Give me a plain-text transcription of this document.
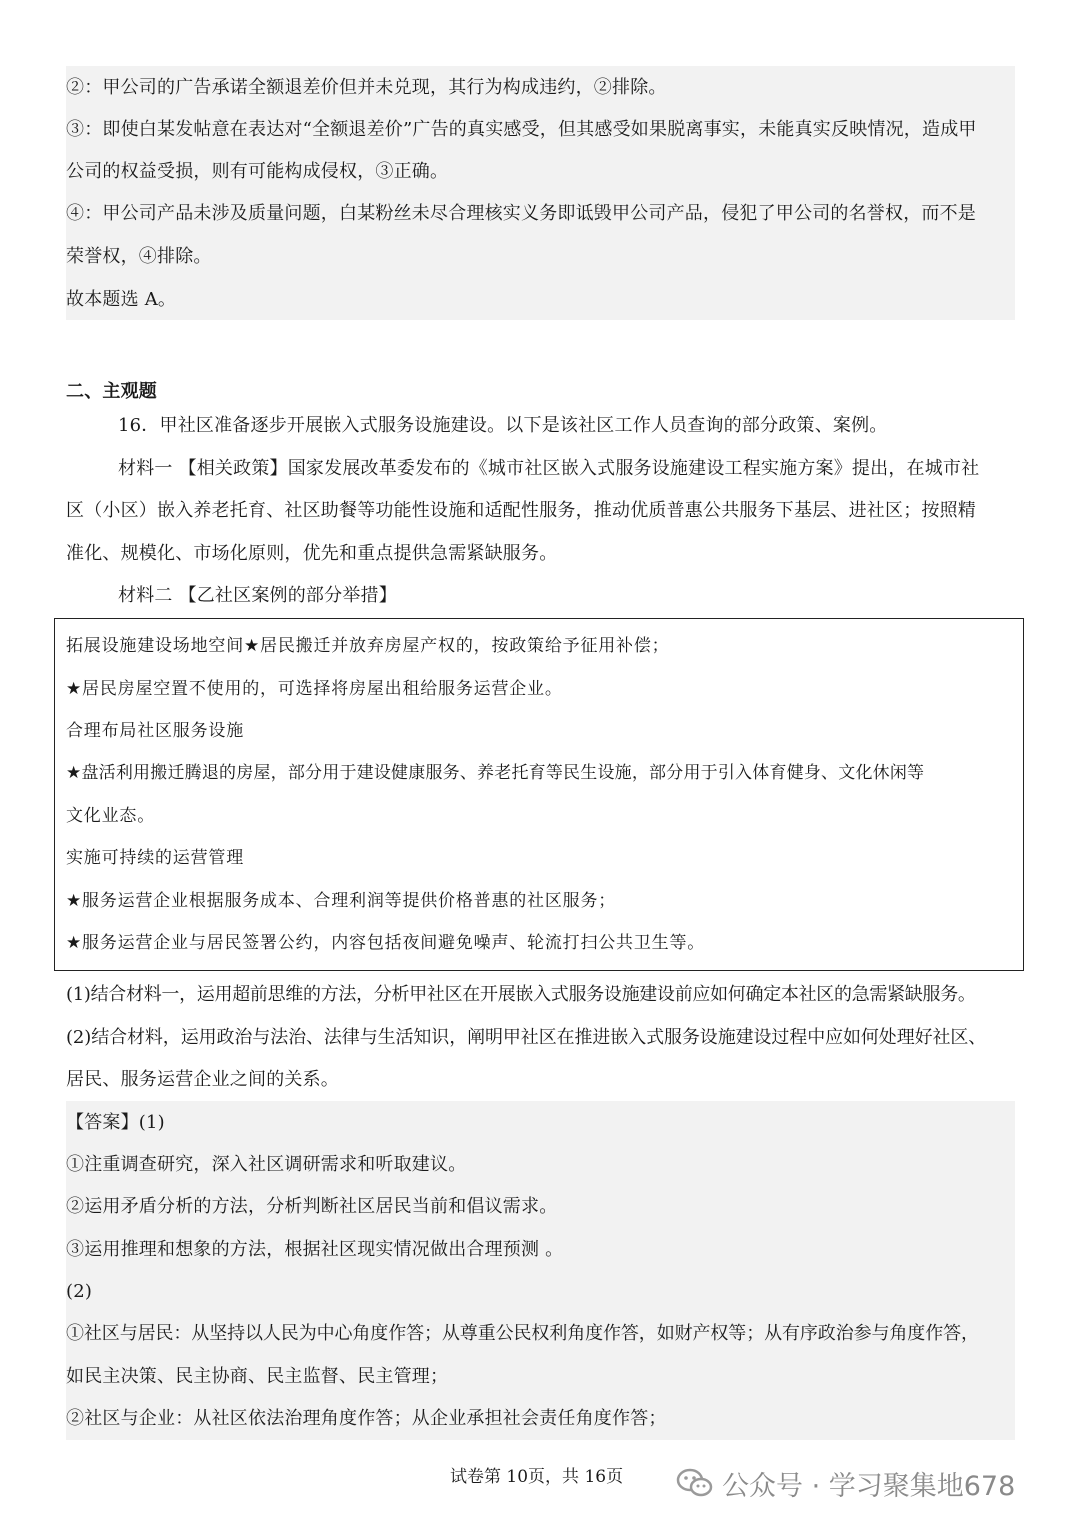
②：甲公司的广告承诺全额退差价但并未兑现，其行为构成违约，②排除。
③：即使白某发帖意在表达对“全额退差价”广告的真实感受，但其感受如果脱离事实，未能真实反映情况，造成甲
公司的权益受损，则有可能构成侵权，③正确。
④：甲公司产品未涉及质量问题，白某粉丝未尽合理核实义务即诋毁甲公司产品，侵犯了甲公司的名誉权，而不是
荣誉权，④排除。
故本题选 A。
二、主观题
16．甲社区准备逐步开展嵌入式服务设施建设。以下是该社区工作人员查询的部分政策、案例。
材料一 【相关政策】国家发展改革委发布的《城市社区嵌入式服务设施建设工程实施方案》提出，在城市社
区（小区）嵌入养老托育、社区助餐等功能性设施和适配性服务，推动优质普惠公共服务下基层、进社区；按照精
准化、规模化、市场化原则，优先和重点提供急需紧缺服务。
材料二 【乙社区案例的部分举措】
拓展设施建设场地空间★居民搬迁并放弃房屋产权的，按政策给予征用补偿；
★居民房屋空置不使用的，可选择将房屋出租给服务运营企业。
合理布局社区服务设施
★盘活利用搬迁腾退的房屋，部分用于建设健康服务、养老托育等民生设施，部分用于引入体育健身、文化休闲等
文化业态。
实施可持续的运营管理
★服务运营企业根据服务成本、合理利润等提供价格普惠的社区服务；
★服务运营企业与居民签署公约，内容包括夜间避免噪声、轮流打扫公共卫生等。
(1)结合材料一，运用超前思维的方法，分析甲社区在开展嵌入式服务设施建设前应如何确定本社区的急需紧缺服务。
(2)结合材料，运用政治与法治、法律与生活知识，阐明甲社区在推进嵌入式服务设施建设过程中应如何处理好社区、
居民、服务运营企业之间的关系。
【答案】(1)
①注重调查研究，深入社区调研需求和听取建议。
②运用矛盾分析的方法，分析判断社区居民当前和倡议需求。
③运用推理和想象的方法，根据社区现实情况做出合理预测 。
(2)
①社区与居民：从坚持以人民为中心角度作答；从尊重公民权利角度作答，如财产权等；从有序政治参与角度作答，
如民主决策、民主协商、民主监督、民主管理；
②社区与企业：从社区依法治理角度作答；从企业承担社会责任角度作答；
试卷第 10页，共 16页	公众号 · 学习聚集地678
